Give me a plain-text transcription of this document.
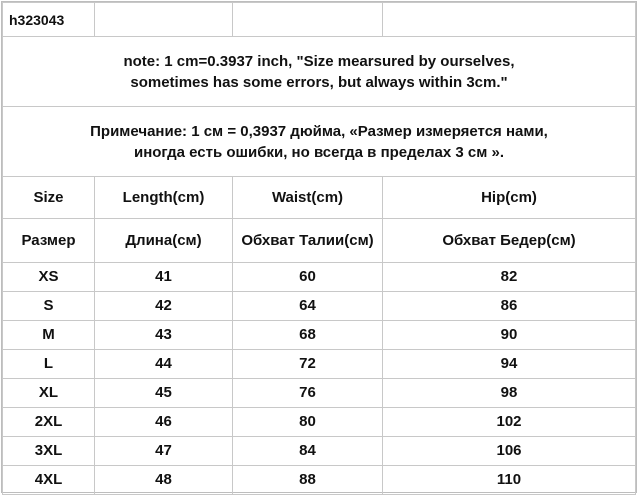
h323043			

note: 1 cm=0.3937 inch, "Size mearsured by ourselves,
sometimes has some errors, but always within 3cm."			

Примечание: 1 см = 0,3937 дюйма, «Размер измеряется нами,
иногда есть ошибки, но всегда в пределах 3 см ».			

Size	Length(cm)	Waist(cm)	Hip(cm)
Размер	Длина(см)	Обхват Талии(см)	Обхват Бедер(см)
XS	41	60	82
S	42	64	86
M	43	68	90
L	44	72	94
XL	45	76	98
2XL	46	80	102
3XL	47	84	106
4XL	48	88	110
